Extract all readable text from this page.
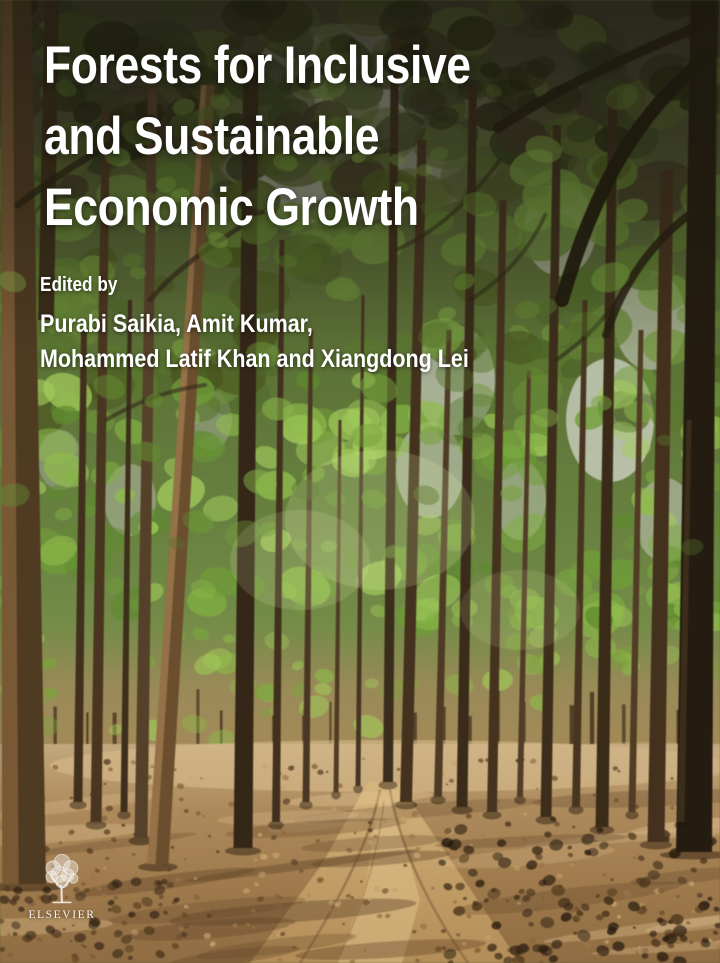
Forests for Inclusive
and Sustainable
Economic Growth
Edited by
Purabi Saikia, Amit Kumar,
Mohammed Latif Khan and Xiangdong Lei
ELSEVIER
